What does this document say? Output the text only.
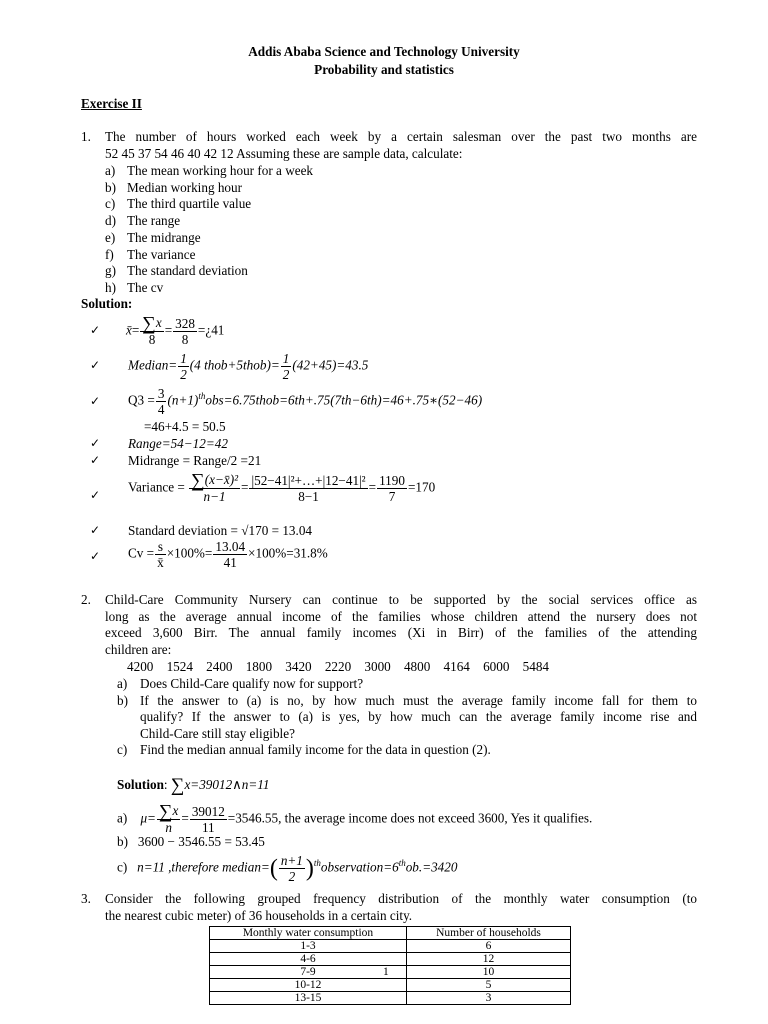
Addis Ababa Science and Technology University
Probability and statistics
Exercise II
1. The number of hours worked each week by a certain salesman over the past two months are
52 45 37 54 46 40 42 12 Assuming these are sample data, calculate:
a) The mean working hour for a week
b) Median working hour
c) The third quartile value
d) The range
e) The midrange
f) The variance
g) The standard deviation
h) The cv
Solution:
✓ x̄= $\frac{\sum x}{8} = \frac{328}{8}$ =¿41
✓ Median= $\frac{1}{2} (4$ thob+5thob)= $\frac{1}{2} (42+45)=43.5$
✓ $Q3 = \frac{3}{4}$ $(n+1)^{th}obs=6.75thob=6th+.75(7th-6th)=46+.75∗(52-46)$
=46+4.5 = 50.5
✓ Range=54−12=42
✓ Midrange = Range/2 =21
✓
Variance = $\frac{\text{∑(x−x̄)²}}{n-1} = \frac{\text{|52−41|²+…+|12−41|²}}{8-1} = \frac{1190}{7} =170$
✓ Standard deviation = √170 = 13.04
✓ $Cv = \frac{s}{x̄} \times 100\%= \frac{13.04}{41} \times 100\%=31.8\%$
2. Child-Care Community Nursery can continue to be supported by the social services office as
long as the average annual income of the families whose children attend the nursery does not
exceed 3,600 Birr. The annual family incomes (Xi in Birr) of the families of the attending
children are:
4200    1524    2400    1800    3420    2220    3000    4800    4164    6000    5484
a) Does Child-Care qualify now for support?
b) If the answer to (a) is no, by how much must the average family income fall for them to
qualify? If the answer to (a) is yes, by how much can the average family income rise and
Child-Care still stay eligible?
c) Find the median annual family income for the data in question (2).
Solution: ∑x=39012∧n=11
a) $\mu= \frac{\sum x}{n} = \frac{39012}{11} =3546.55$, the average income does not exceed 3600, Yes it qualifies.
b)   3600 − 3546.55 = 53.45
c) n=11 ,therefore median=( $\frac{n+1}{2}$ )$^{th}$observation=6thob.=3420
3. Consider the following grouped frequency distribution of the monthly water consumption (to
the nearest cubic meter) of 36 households in a certain city.
Monthly water consumption	Number of households
1-3	6
4-6	12
7-9	10
10-12	5
13-15	3
1
